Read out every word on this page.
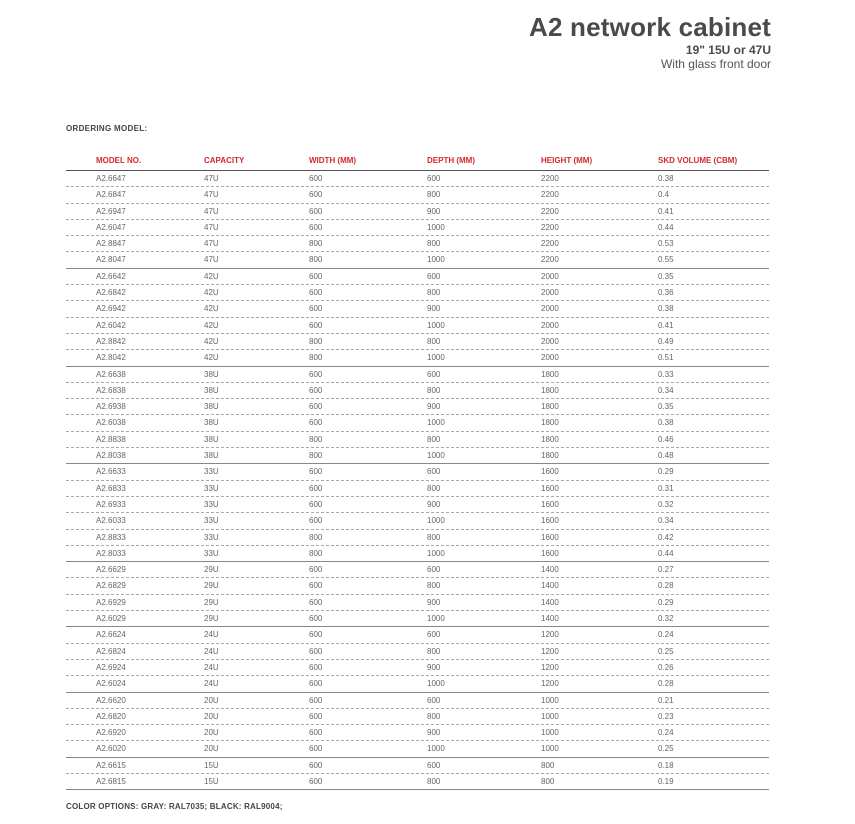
A2 network cabinet
19" 15U or 47U
With glass front door
ORDERING MODEL:
MODEL NO.	CAPACITY	WIDTH (MM)	DEPTH (MM)	HEIGHT (MM)	SKD VOLUME (CBM)
A2.6647	47U	600	600	2200	0.38
A2.6847	47U	600	800	2200	0.4
A2.6947	47U	600	900	2200	0.41
A2.6047	47U	600	1000	2200	0.44
A2.8847	47U	800	800	2200	0.53
A2.8047	47U	800	1000	2200	0.55
A2.6642	42U	600	600	2000	0.35
A2.6842	42U	600	800	2000	0.36
A2.6942	42U	600	900	2000	0.38
A2.6042	42U	600	1000	2000	0.41
A2.8842	42U	800	800	2000	0.49
A2.8042	42U	800	1000	2000	0.51
A2.6638	38U	600	600	1800	0.33
A2.6838	38U	600	800	1800	0.34
A2.6938	38U	600	900	1800	0.35
A2.6038	38U	600	1000	1800	0.38
A2.8838	38U	800	800	1800	0.46
A2.8038	38U	800	1000	1800	0.48
A2.6633	33U	600	600	1600	0.29
A2.6833	33U	600	800	1600	0.31
A2.6933	33U	600	900	1600	0.32
A2.6033	33U	600	1000	1600	0.34
A2.8833	33U	800	800	1600	0.42
A2.8033	33U	800	1000	1600	0.44
A2.6629	29U	600	600	1400	0.27
A2.6829	29U	600	800	1400	0.28
A2.6929	29U	600	900	1400	0.29
A2.6029	29U	600	1000	1400	0.32
A2.6624	24U	600	600	1200	0.24
A2.6824	24U	600	800	1200	0.25
A2.6924	24U	600	900	1200	0.26
A2.6024	24U	600	1000	1200	0.28
A2.6620	20U	600	600	1000	0.21
A2.6820	20U	600	800	1000	0.23
A2.6920	20U	600	900	1000	0.24
A2.6020	20U	600	1000	1000	0.25
A2.6615	15U	600	600	800	0.18
A2.6815	15U	600	800	800	0.19
COLOR OPTIONS: GRAY: RAL7035; BLACK: RAL9004;
